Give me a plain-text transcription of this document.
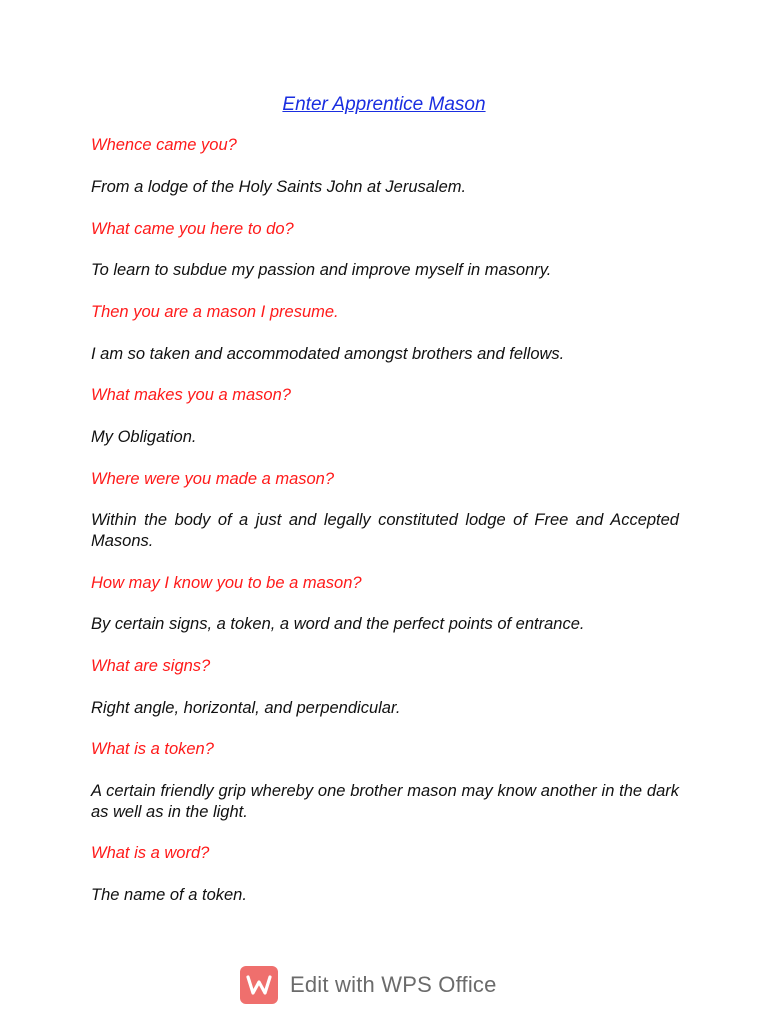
Enter Apprentice Mason

Whence came you?

From a lodge of the Holy Saints John at Jerusalem.

What came you here to do?

To learn to subdue my passion and improve myself in masonry.

Then you are a mason I presume.

I am so taken and accommodated amongst brothers and fellows.

What makes you a mason?

My Obligation.

Where were you made a mason?

Within the body of a just and legally constituted lodge of Free and Accepted Masons.

How may I know you to be a mason?

By certain signs, a token, a word and the perfect points of entrance.

What are signs?

Right angle, horizontal, and perpendicular.

What is a token?

A certain friendly grip whereby one brother mason may know another in the dark as well as in the light.

What is a word?

The name of a token.

Edit with WPS Office
